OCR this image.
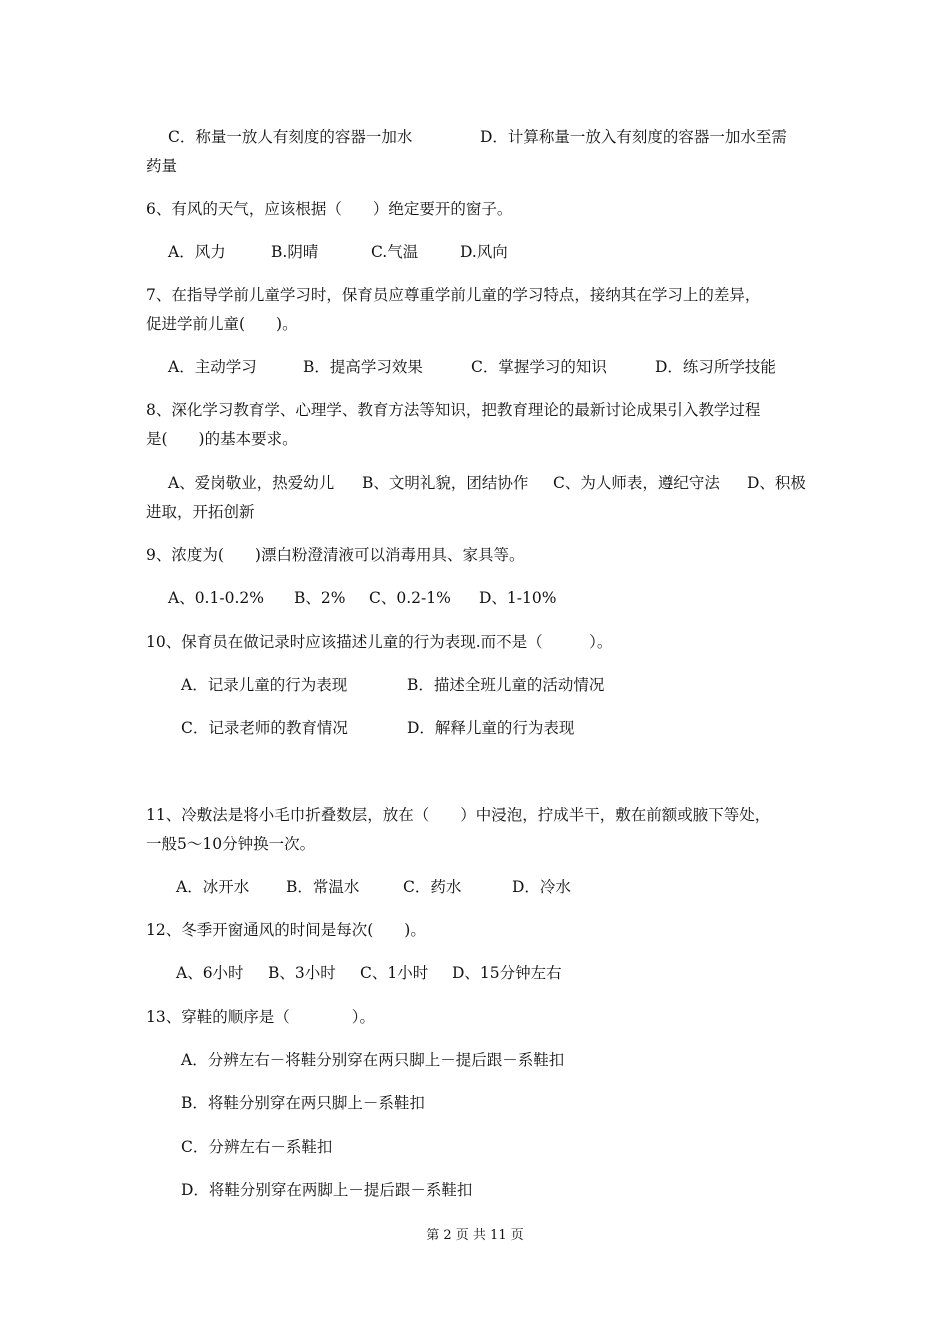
C．称量一放人有刻度的容器一加水	D．计算称量一放入有刻度的容器一加水至需
药量
6、有风的天气，应该根据（　　）绝定要开的窗子。
A．风力	B.阴晴	C.气温	D.风向
7、在指导学前儿童学习时，保育员应尊重学前儿童的学习特点，接纳其在学习上的差异，
促进学前儿童(　　)。
A．主动学习	B．提高学习效果	C．掌握学习的知识	D．练习所学技能
8、深化学习教育学、心理学、教育方法等知识，把教育理论的最新讨论成果引入教学过程
是(　　)的基本要求。
A、爱岗敬业，热爱幼儿 B、文明礼貌，团结协作 C、为人师表，遵纪守法 D、积极
进取，开拓创新
9、浓度为(　　)漂白粉澄清液可以消毒用具、家具等。
A、0.1-0.2% B、2% C、0.2-1% D、1-10%
10、保育员在做记录时应该描述儿童的行为表现.而不是（　　　）。
A．记录儿童的行为表现	B．描述全班儿童的活动情况
C．记录老师的教育情况	D．解释儿童的行为表现
11、冷敷法是将小毛巾折叠数层，放在（　　）中浸泡，拧成半干，敷在前额或腋下等处，
一般5～10分钟换一次。
A．冰开水 B．常温水	C．药水	D．冷水
12、冬季开窗通风的时间是每次(　　)。
A、6小时 B、3小时 C、1小时 D、15分钟左右
13、穿鞋的顺序是（　　　　）。
A．分辨左右－将鞋分别穿在两只脚上－提后跟－系鞋扣
B．将鞋分别穿在两只脚上－系鞋扣
C．分辨左右－系鞋扣
D．将鞋分别穿在两脚上－提后跟－系鞋扣
第 2 页 共 11 页
